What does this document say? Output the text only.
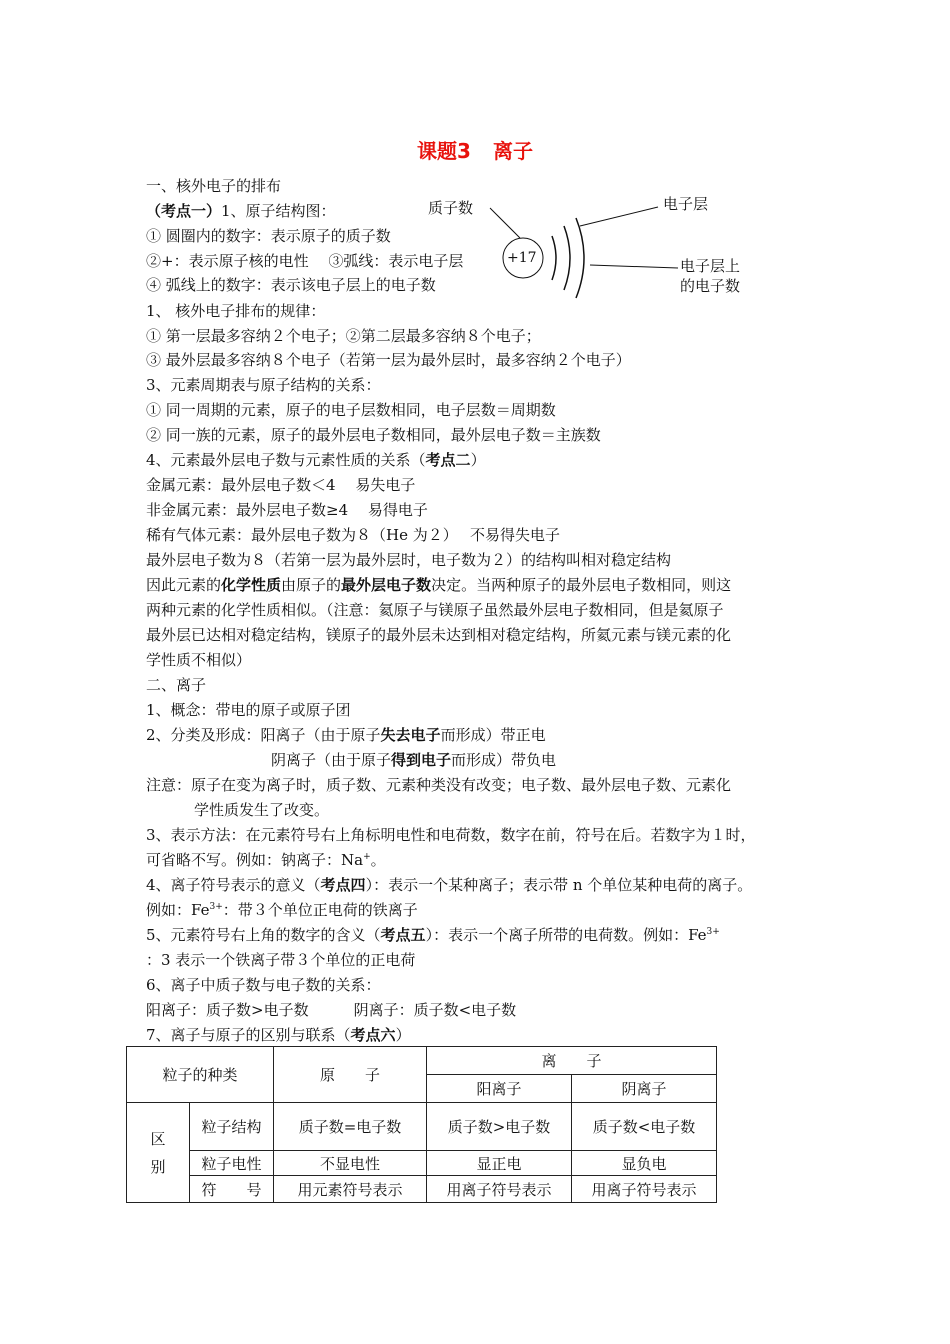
课题3 离子
+17
质子数	电子层
电子层上
的电子数
一、核外电子的排布
（考点一）1、原子结构图：
① 圆圈内的数字：表示原子的质子数
②+：表示原子核的电性　 ③弧线：表示电子层
④ 弧线上的数字：表示该电子层上的电子数
1、 核外电子排布的规律：
① 第一层最多容纳２个电子；②第二层最多容纳８个电子；
③ 最外层最多容纳８个电子（若第一层为最外层时，最多容纳２个电子）
3、元素周期表与原子结构的关系：
① 同一周期的元素，原子的电子层数相同，电子层数＝周期数
② 同一族的元素，原子的最外层电子数相同，最外层电子数＝主族数
4、元素最外层电子数与元素性质的关系（考点二）
金属元素：最外层电子数＜4　 易失电子
非金属元素：最外层电子数≥4　 易得电子
稀有气体元素：最外层电子数为８（He 为２）　 不易得失电子
最外层电子数为８（若第一层为最外层时，电子数为２）的结构叫相对稳定结构
因此元素的化学性质由原子的最外层电子数决定。当两种原子的最外层电子数相同，则这
两种元素的化学性质相似。（注意：氦原子与镁原子虽然最外层电子数相同，但是氦原子
最外层已达相对稳定结构，镁原子的最外层未达到相对稳定结构，所氦元素与镁元素的化
学性质不相似）
二、离子
1、概念：带电的原子或原子团
2、分类及形成：阳离子（由于原子失去电子而形成）带正电
阴离子（由于原子得到电子而形成）带负电
注意：原子在变为离子时，质子数、元素种类没有改变；电子数、最外层电子数、元素化
学性质发生了改变。
3、表示方法：在元素符号右上角标明电性和电荷数，数字在前，符号在后。若数字为１时，
可省略不写。例如：钠离子：Na+。
4、离子符号表示的意义（考点四）：表示一个某种离子；表示带 n 个单位某种电荷的离子。
例如：$Fe^{3+}$：带３个单位正电荷的铁离子
5、元素符号右上角的数字的含义（考点五）：表示一个离子所带的电荷数。例如：$Fe^{3+}$
：3 表示一个铁离子带３个单位的正电荷
6、离子中质子数与电子数的关系：
阳离子：质子数>电子数　　　阴离子：质子数<电子数
7、离子与原子的区别与联系（考点六）
粒子的种类		原　　子	离　　子	
			阳离子	阴离子
区
别	粒子结构	质子数=电子数	质子数>电子数	质子数<电子数
	粒子电性	不显电性	显正电	显负电
	符　　号	用元素符号表示	用离子符号表示	用离子符号表示
